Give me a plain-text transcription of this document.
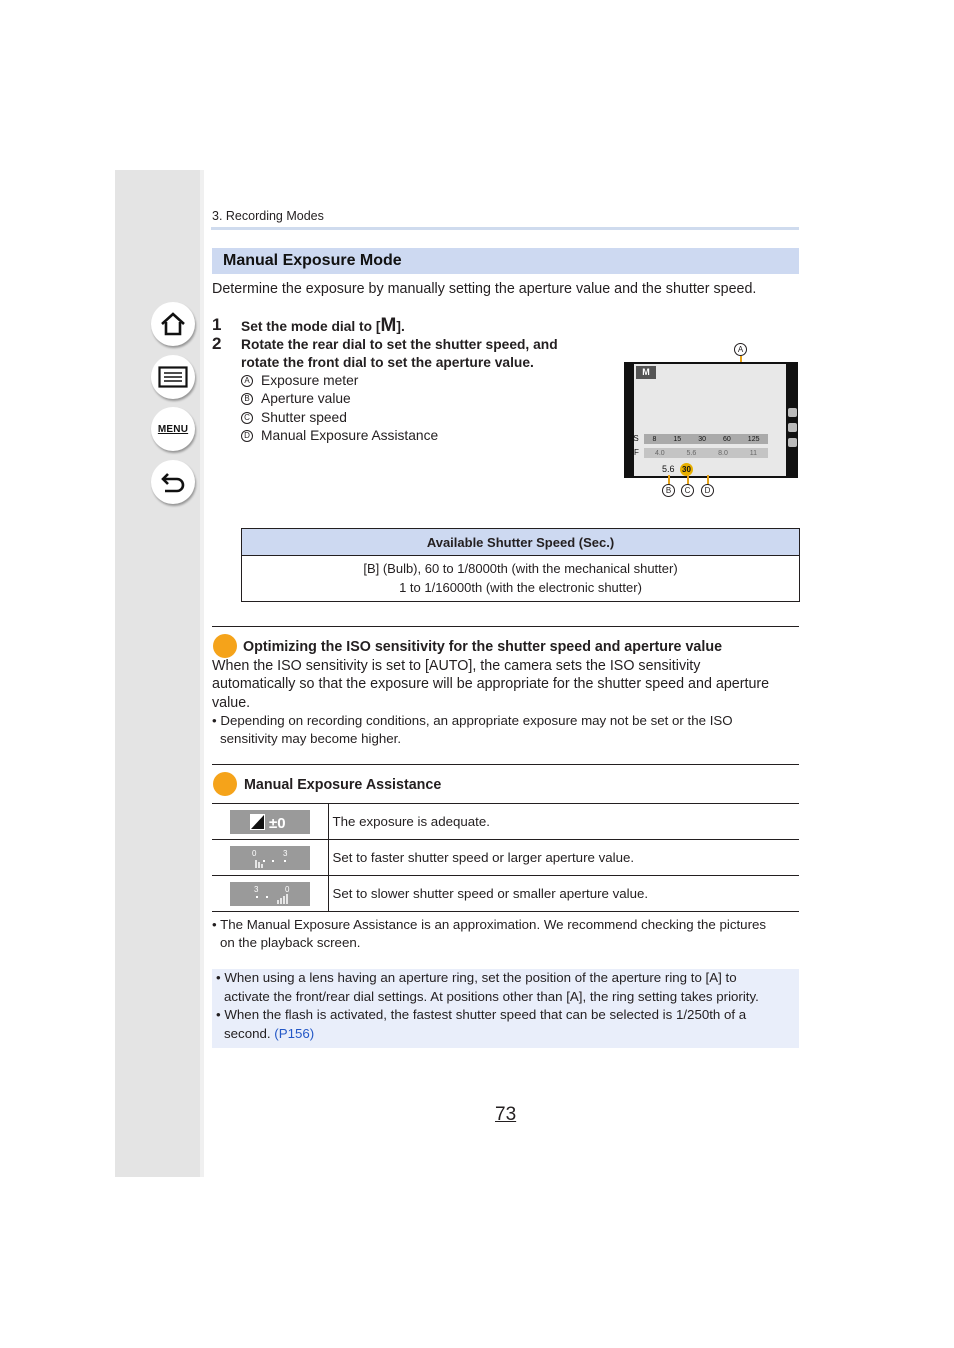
MENU
3. Recording Modes
Manual Exposure Mode
Determine the exposure by manually setting the aperture value and the shutter speed.
1 Set the mode dial to [M].
2 Rotate the rear dial to set the shutter speed, and
rotate the front dial to set the aperture value.
A Exposure meter
B Aperture value
C Shutter speed
D Manual Exposure Assistance
A
M
8 15 30 60 125
4.0	5.6	8.0	11
SS
F
5.6 30
B	C	D
Available Shutter Speed (Sec.)

[B] (Bulb), 60 to 1/8000th (with the mechanical shutter)
1 to 1/16000th (with the electronic shutter)
Optimizing the ISO sensitivity for the shutter speed and aperture value
When the ISO sensitivity is set to [AUTO], the camera sets the ISO sensitivity
automatically so that the exposure will be appropriate for the shutter speed and aperture
value.
• Depending on recording conditions, an appropriate exposure may not be set or the ISO
sensitivity may become higher.
Manual Exposure Assistance
±0	The exposure is adequate.

0 3	Set to faster shutter speed or larger aperture value.

3 0	Set to slower shutter speed or smaller aperture value.
• The Manual Exposure Assistance is an approximation. We recommend checking the pictures
on the playback screen.
• When using a lens having an aperture ring, set the position of the aperture ring to [A] to
activate the front/rear dial settings. At positions other than [A], the ring setting takes priority.
• When the flash is activated, the fastest shutter speed that can be selected is 1/250th of a
second. (P156)
73
